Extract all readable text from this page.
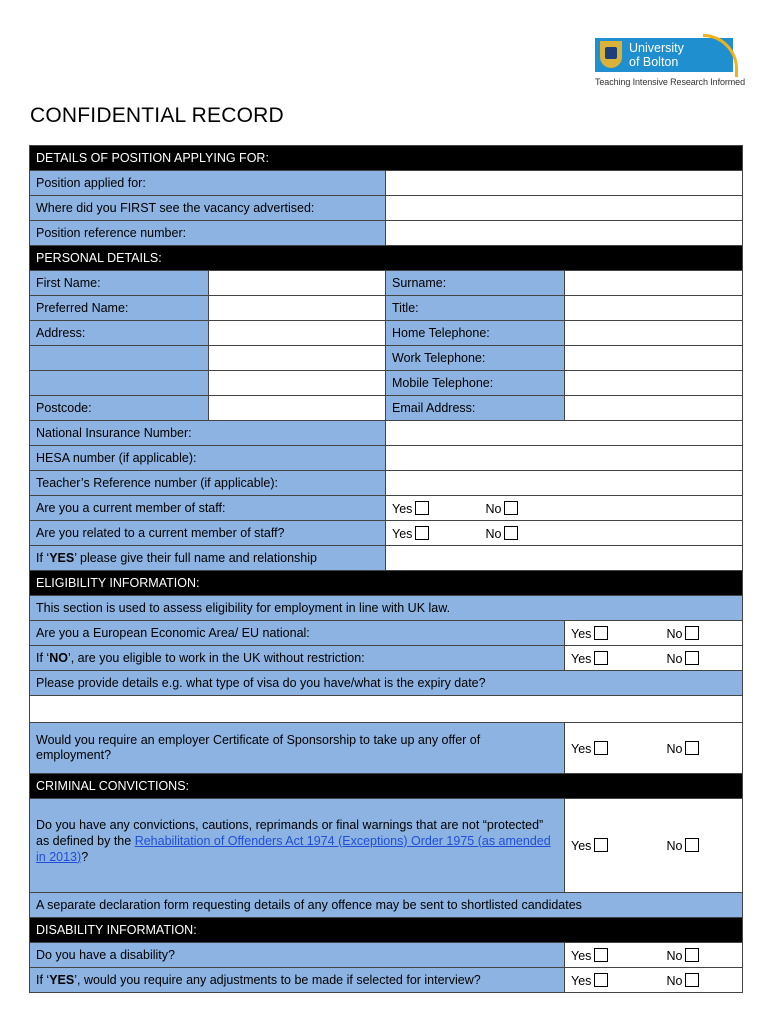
University
of Bolton
Teaching Intensive Research Informed
CONFIDENTIAL RECORD
DETAILS OF POSITION APPLYING FOR:			
Position applied for:			
Where did you FIRST see the vacancy advertised:			
Position reference number:			
PERSONAL DETAILS:			
First Name:		Surname:	
Preferred Name:		Title:	
Address:		Home Telephone:	
		Work Telephone:	
		Mobile Telephone:	
Postcode:		Email Address:	
National Insurance Number:			
HESA number (if applicable):			
Teacher’s Reference number (if applicable):			
Are you a current member of staff:		Yes No	
Are you related to a current member of staff?		Yes No	
If ‘YES’ please give their full name and relationship			
ELIGIBILITY INFORMATION:			
This section is used to assess eligibility for employment in line with UK law.			
Are you a European Economic Area/ EU national:			Yes No
If ‘NO’, are you eligible to work in the UK without restriction:			Yes No
Please provide details e.g. what type of visa do you have/what is the expiry date?			

Would you require an employer Certificate of Sponsorship to take up any offer of employment?			Yes No
CRIMINAL CONVICTIONS:			
Do you have any convictions, cautions, reprimands or final warnings that are not “protected” as defined by the Rehabilitation of Offenders Act 1974 (Exceptions) Order 1975 (as amended in 2013)?			Yes No
A separate declaration form requesting details of any offence may be sent to shortlisted candidates			
DISABILITY INFORMATION:			
Do you have a disability?			Yes No
If ‘YES’, would you require any adjustments to be made if selected for interview?			Yes No
